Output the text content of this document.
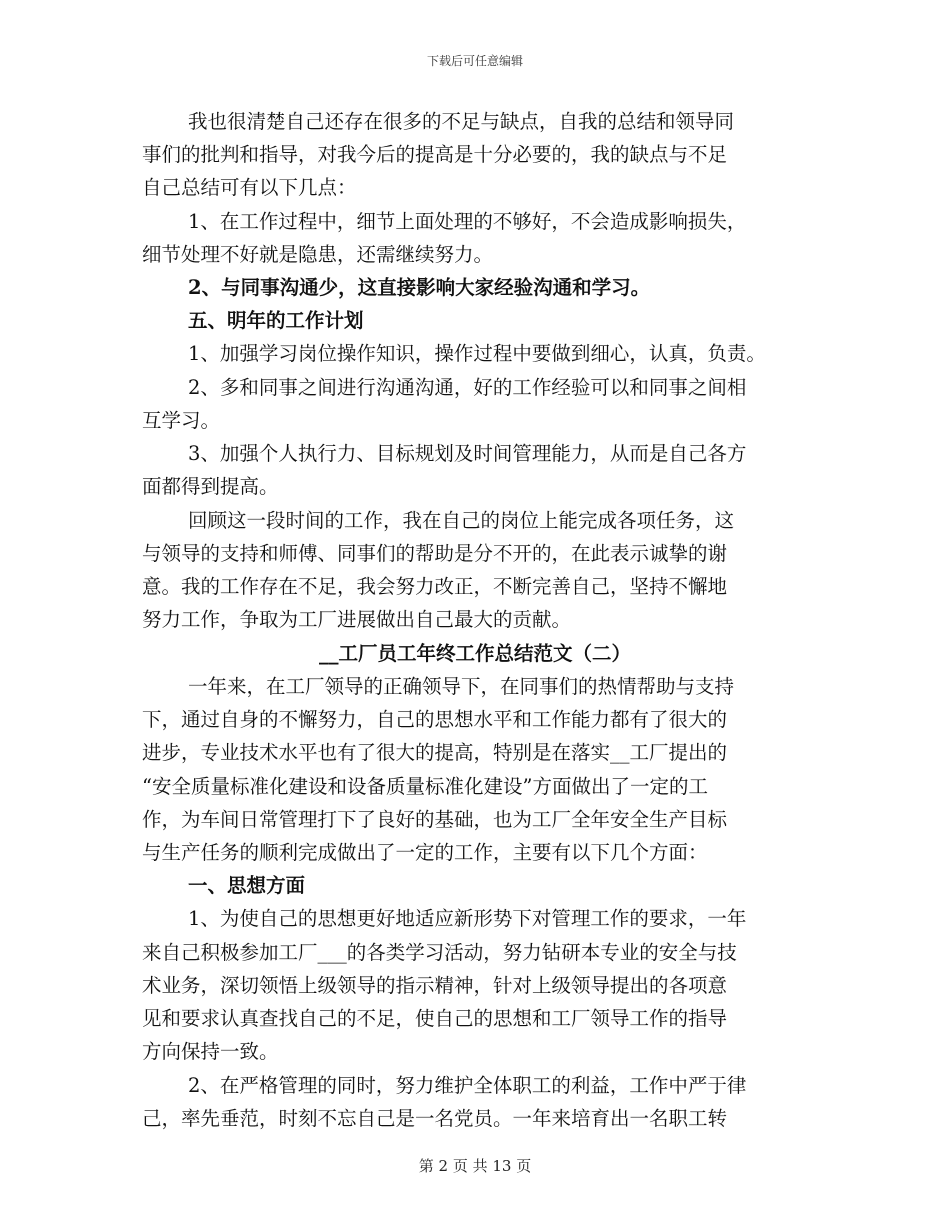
下载后可任意编辑
我也很清楚自己还存在很多的不足与缺点，自我的总结和领导同
事们的批判和指导，对我今后的提高是十分必要的，我的缺点与不足
自己总结可有以下几点：
1、在工作过程中，细节上面处理的不够好，不会造成影响损失，
细节处理不好就是隐患，还需继续努力。
2、与同事沟通少，这直接影响大家经验沟通和学习。
五、明年的工作计划
1、加强学习岗位操作知识，操作过程中要做到细心，认真，负责。
2、多和同事之间进行沟通沟通，好的工作经验可以和同事之间相
互学习。
3、加强个人执行力、目标规划及时间管理能力，从而是自己各方
面都得到提高。
回顾这一段时间的工作，我在自己的岗位上能完成各项任务，这
与领导的支持和师傅、同事们的帮助是分不开的，在此表示诚挚的谢
意。我的工作存在不足，我会努力改正，不断完善自己，坚持不懈地
努力工作，争取为工厂进展做出自己最大的贡献。
__工厂员工年终工作总结范文（二）
一年来，在工厂领导的正确领导下，在同事们的热情帮助与支持
下，通过自身的不懈努力，自己的思想水平和工作能力都有了很大的
进步，专业技术水平也有了很大的提高，特别是在落实__工厂提出的
“安全质量标准化建设和设备质量标准化建设”方面做出了一定的工
作，为车间日常管理打下了良好的基础，也为工厂全年安全生产目标
与生产任务的顺利完成做出了一定的工作，主要有以下几个方面：
一、思想方面
1、为使自己的思想更好地适应新形势下对管理工作的要求，一年
来自己积极参加工厂___的各类学习活动，努力钻研本专业的安全与技
术业务，深切领悟上级领导的指示精神，针对上级领导提出的各项意
见和要求认真查找自己的不足，使自己的思想和工厂领导工作的指导
方向保持一致。
2、在严格管理的同时，努力维护全体职工的利益，工作中严于律
己，率先垂范，时刻不忘自己是一名党员。一年来培育出一名职工转
第 2 页 共 13 页
